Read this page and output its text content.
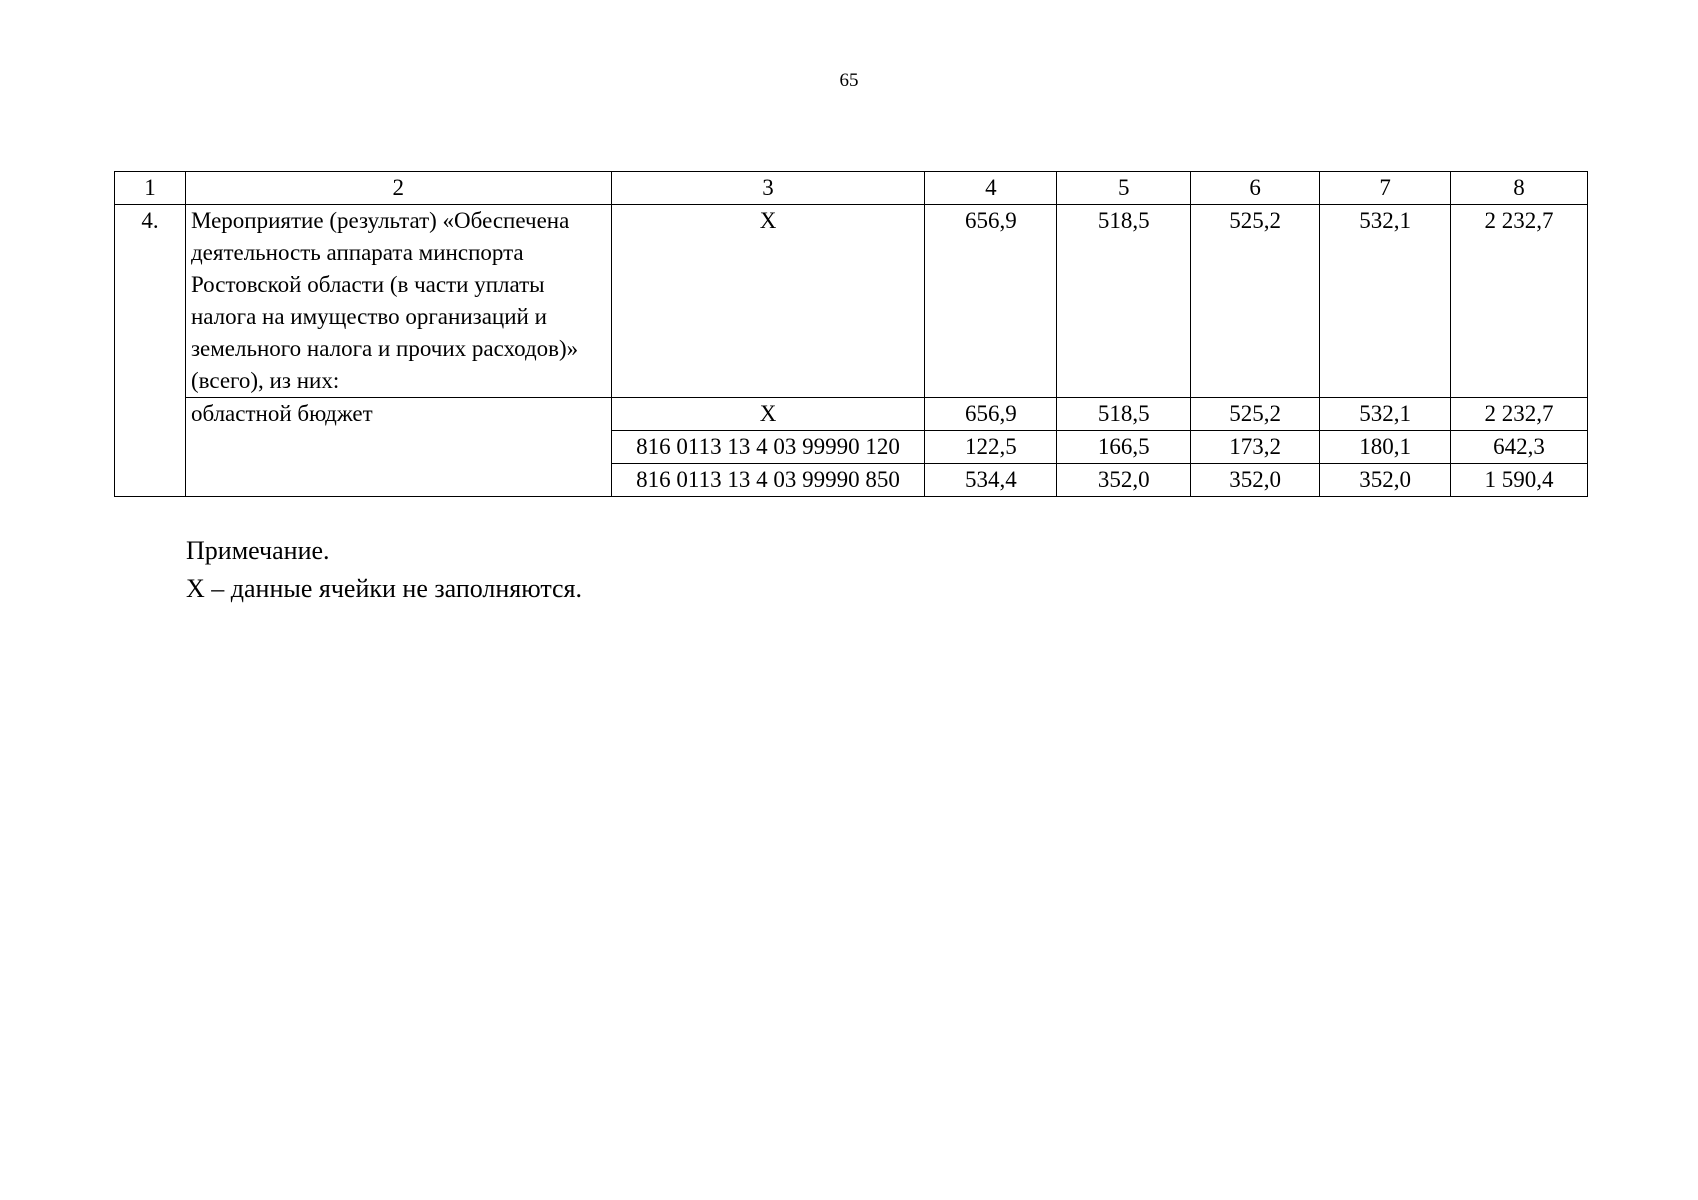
65
1	2	3	4	5	6	7	8
4.	Мероприятие (результат) «Обеспечена деятельность аппарата минспорта Ростовской области (в части уплаты налога на имущество организаций и земельного налога и прочих расходов)» (всего), из них:	X	656,9	518,5	525,2	532,1	2 232,7
	областной бюджет	X	656,9	518,5	525,2	532,1	2 232,7
		816 0113 13 4 03 99990 120	122,5	166,5	173,2	180,1	642,3
		816 0113 13 4 03 99990 850	534,4	352,0	352,0	352,0	1 590,4
Примечание.
X – данные ячейки не заполняются.
